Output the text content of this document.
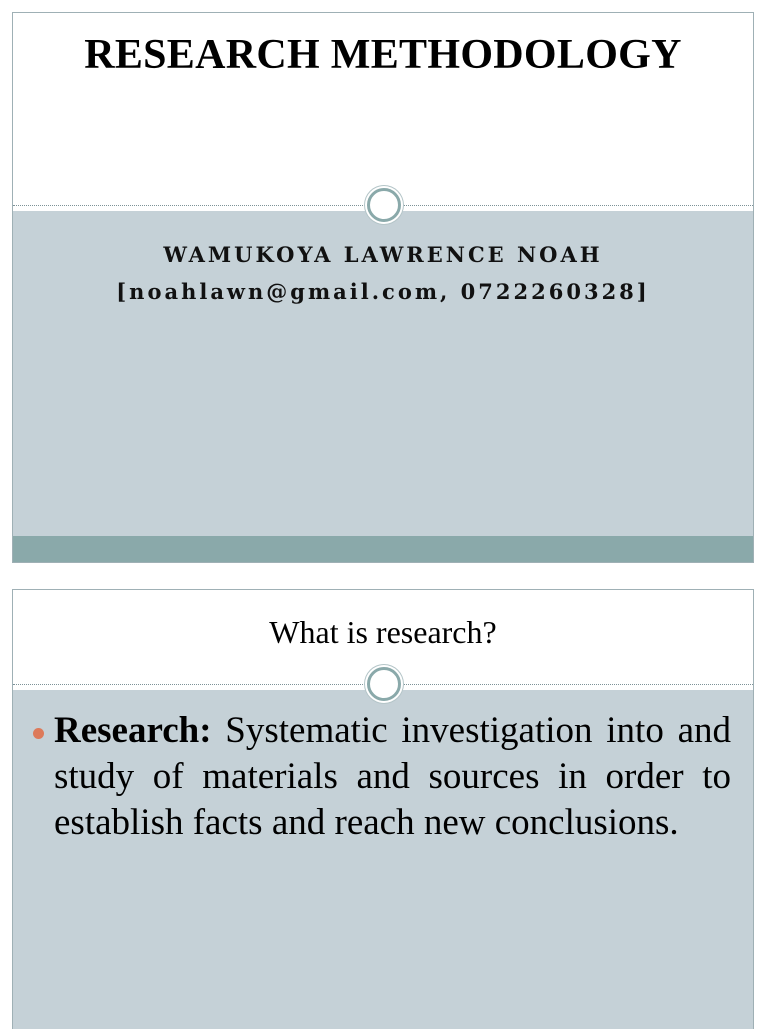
RESEARCH METHODOLOGY
WAMUKOYA LAWRENCE NOAH
[noahlawn@gmail.com, 0722260328]
What is research?
Research: Systematic investigation into and study of materials and sources in order to establish facts and reach new conclusions.
